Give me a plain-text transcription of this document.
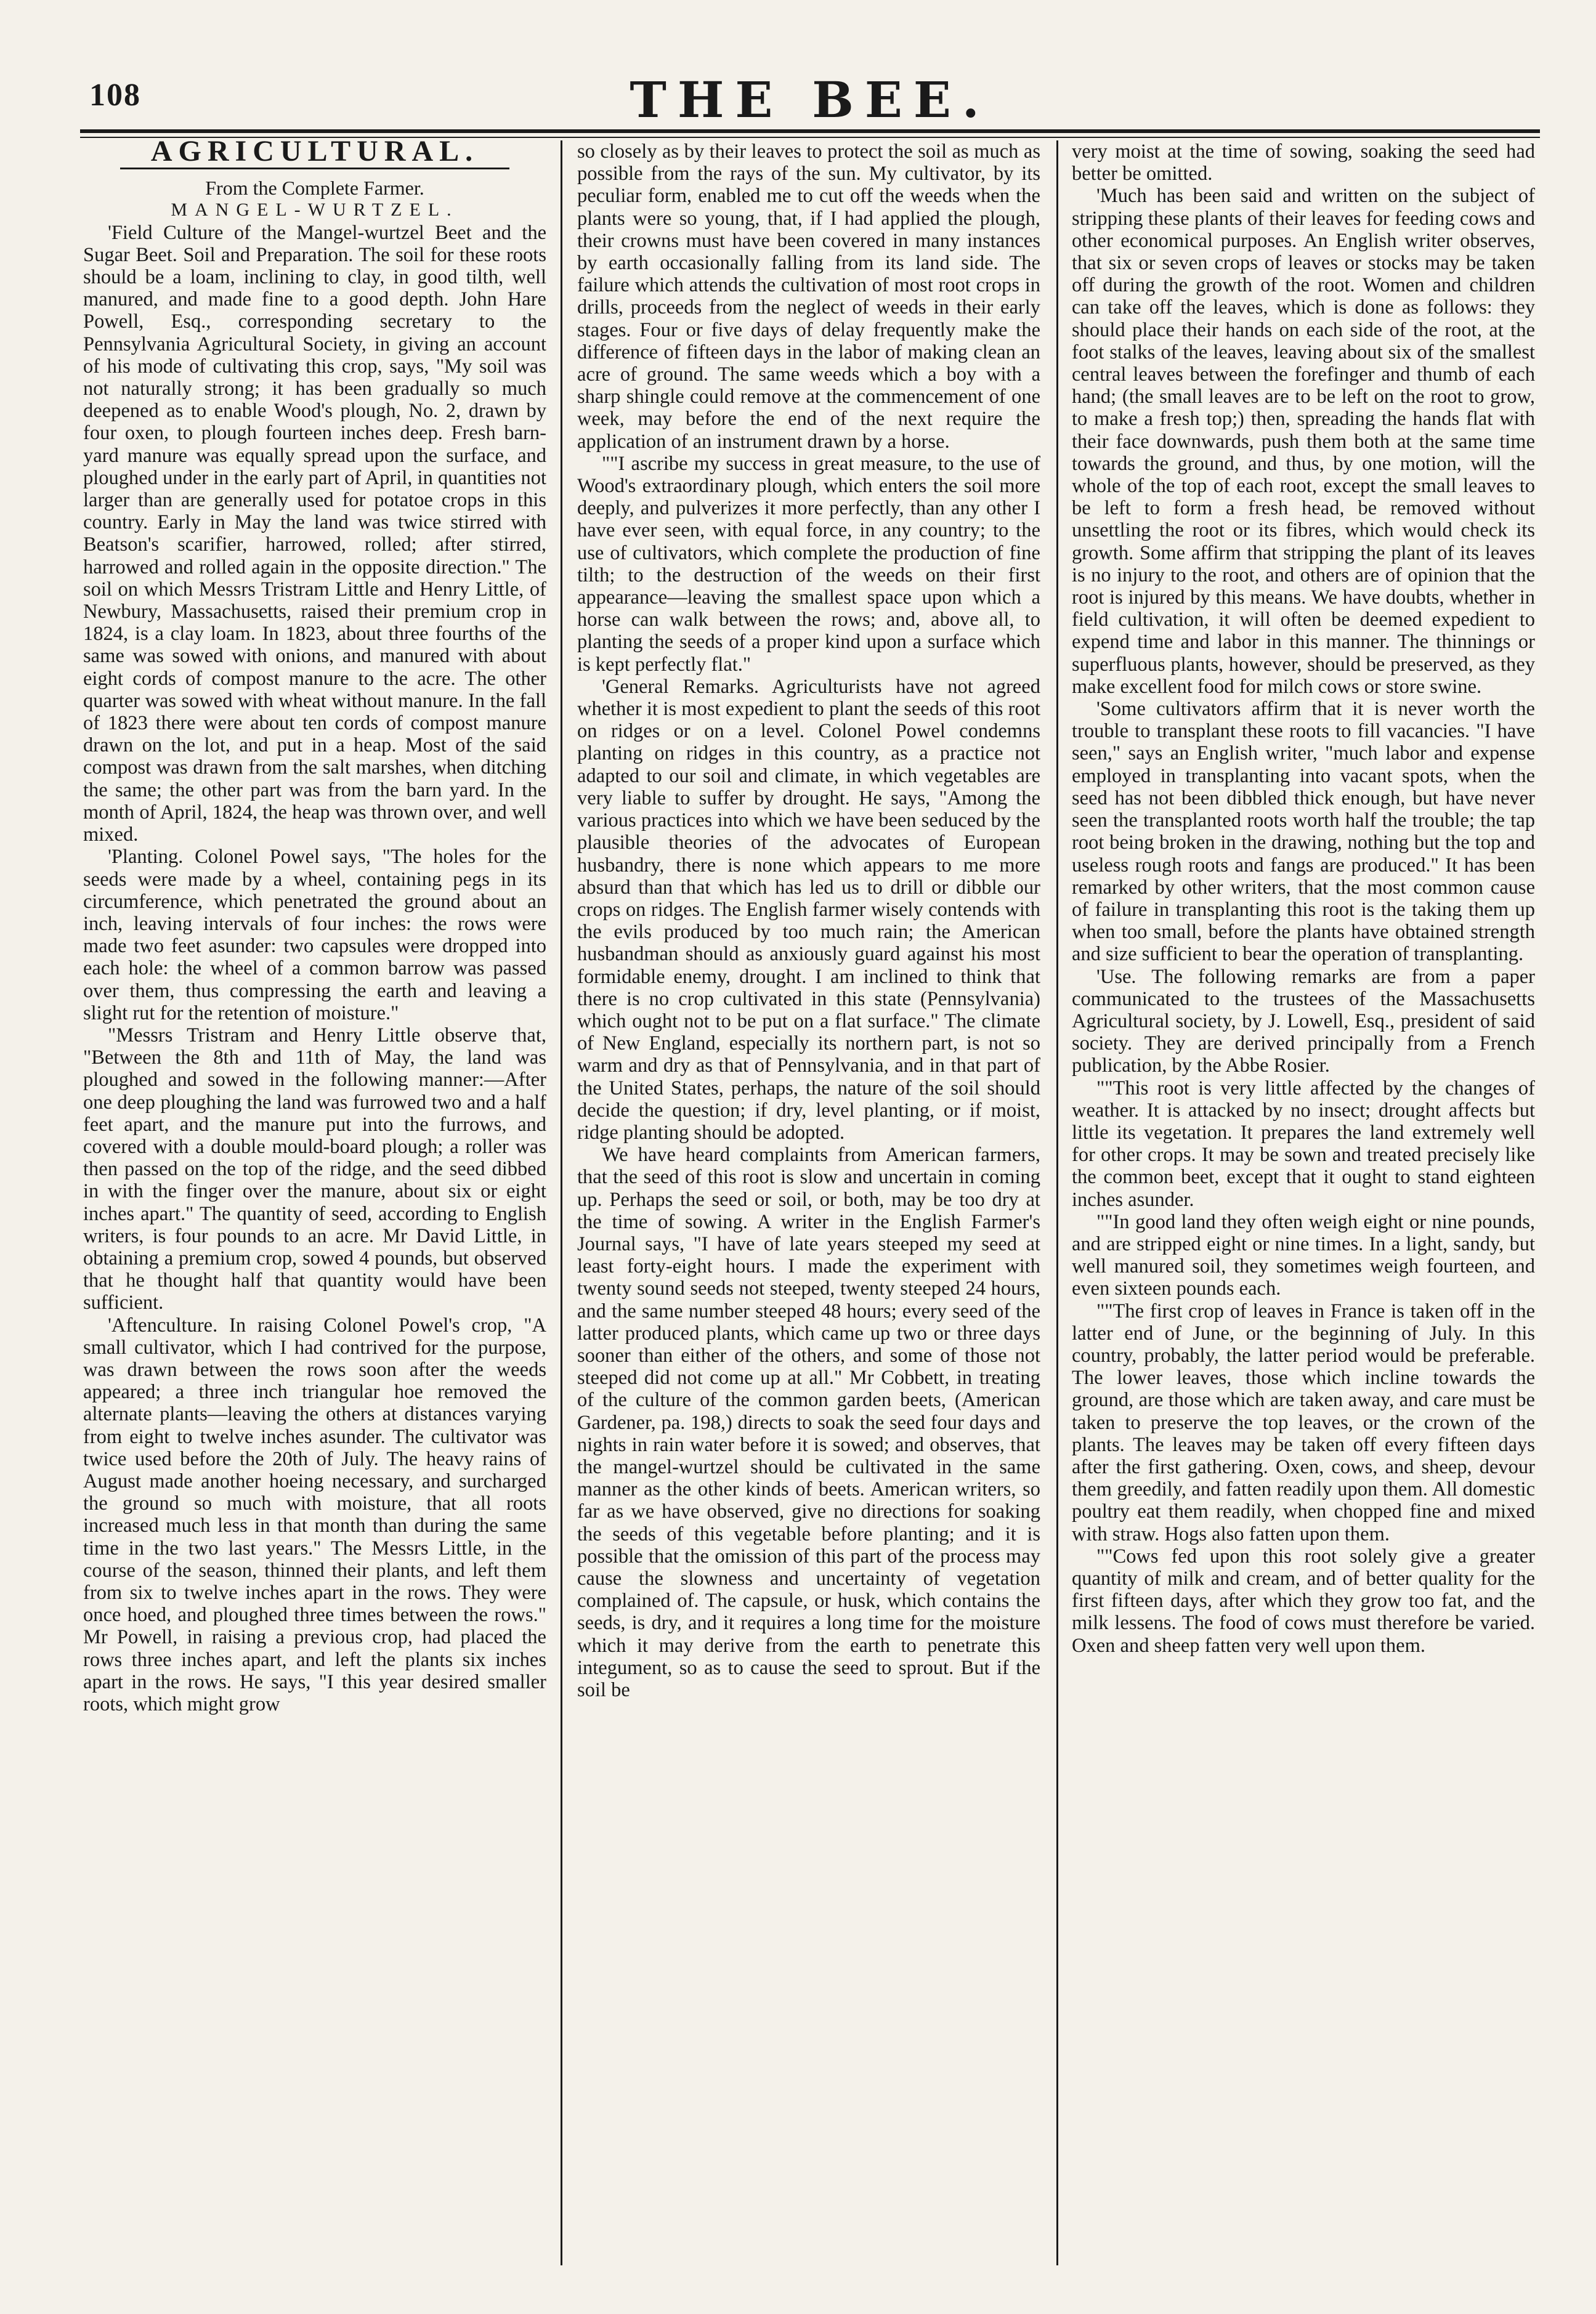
108	THE BEE.

AGRICULTURAL.

From the Complete Farmer.

MANGEL-WURTZEL.

'Field Culture of the Mangel-wurtzel Beet and the Sugar Beet. Soil and Preparation. The soil for these roots should be a loam, inclining to clay, in good tilth, well manured, and made fine to a good depth. John Hare Powell, Esq., corresponding secretary to the Pennsylvania Agricultural Society, in giving an account of his mode of cultivating this crop, says, "My soil was not naturally strong; it has been gradually so much deepened as to enable Wood's plough, No. 2, drawn by four oxen, to plough fourteen inches deep. Fresh barn-yard manure was equally spread upon the surface, and ploughed under in the early part of April, in quantities not larger than are generally used for potatoe crops in this country. Early in May the land was twice stirred with Beatson's scarifier, harrowed, rolled; after stirred, harrowed and rolled again in the opposite direction." The soil on which Messrs Tristram Little and Henry Little, of Newbury, Massachusetts, raised their premium crop in 1824, is a clay loam. In 1823, about three fourths of the same was sowed with onions, and manured with about eight cords of compost manure to the acre. The other quarter was sowed with wheat without manure. In the fall of 1823 there were about ten cords of compost manure drawn on the lot, and put in a heap. Most of the said compost was drawn from the salt marshes, when ditching the same; the other part was from the barn yard. In the month of April, 1824, the heap was thrown over, and well mixed.

'Planting. Colonel Powel says, "The holes for the seeds were made by a wheel, containing pegs in its circumference, which penetrated the ground about an inch, leaving intervals of four inches: the rows were made two feet asunder: two capsules were dropped into each hole: the wheel of a common barrow was passed over them, thus compressing the earth and leaving a slight rut for the retention of moisture."

"Messrs Tristram and Henry Little observe that, "Between the 8th and 11th of May, the land was ploughed and sowed in the following manner:—After one deep ploughing the land was furrowed two and a half feet apart, and the manure put into the furrows, and covered with a double mould-board plough; a roller was then passed on the top of the ridge, and the seed dibbed in with the finger over the manure, about six or eight inches apart." The quantity of seed, according to English writers, is four pounds to an acre. Mr David Little, in obtaining a premium crop, sowed 4 pounds, but observed that he thought half that quantity would have been sufficient.

'Aftenculture. In raising Colonel Powel's crop, "A small cultivator, which I had contrived for the purpose, was drawn between the rows soon after the weeds appeared; a three inch triangular hoe removed the alternate plants—leaving the others at distances varying from eight to twelve inches asunder. The cultivator was twice used before the 20th of July. The heavy rains of August made another hoeing necessary, and surcharged the ground so much with moisture, that all roots increased much less in that month than during the same time in the two last years." The Messrs Little, in the course of the season, thinned their plants, and left them from six to twelve inches apart in the rows. They were once hoed, and ploughed three times between the rows." Mr Powell, in raising a previous crop, had placed the rows three inches apart, and left the plants six inches apart in the rows. He says, "I this year desired smaller roots, which might grow

so closely as by their leaves to protect the soil as much as possible from the rays of the sun. My cultivator, by its peculiar form, enabled me to cut off the weeds when the plants were so young, that, if I had applied the plough, their crowns must have been covered in many instances by earth occasionally falling from its land side. The failure which attends the cultivation of most root crops in drills, proceeds from the neglect of weeds in their early stages. Four or five days of delay frequently make the difference of fifteen days in the labor of making clean an acre of ground. The same weeds which a boy with a sharp shingle could remove at the commencement of one week, may before the end of the next require the application of an instrument drawn by a horse.

""I ascribe my success in great measure, to the use of Wood's extraordinary plough, which enters the soil more deeply, and pulverizes it more perfectly, than any other I have ever seen, with equal force, in any country; to the use of cultivators, which complete the production of fine tilth; to the destruction of the weeds on their first appearance—leaving the smallest space upon which a horse can walk between the rows; and, above all, to planting the seeds of a proper kind upon a surface which is kept perfectly flat."

'General Remarks. Agriculturists have not agreed whether it is most expedient to plant the seeds of this root on ridges or on a level. Colonel Powel condemns planting on ridges in this country, as a practice not adapted to our soil and climate, in which vegetables are very liable to suffer by drought. He says, "Among the various practices into which we have been seduced by the plausible theories of the advocates of European husbandry, there is none which appears to me more absurd than that which has led us to drill or dibble our crops on ridges. The English farmer wisely contends with the evils produced by too much rain; the American husbandman should as anxiously guard against his most formidable enemy, drought. I am inclined to think that there is no crop cultivated in this state (Pennsylvania) which ought not to be put on a flat surface." The climate of New England, especially its northern part, is not so warm and dry as that of Pennsylvania, and in that part of the United States, perhaps, the nature of the soil should decide the question; if dry, level planting, or if moist, ridge planting should be adopted.

We have heard complaints from American farmers, that the seed of this root is slow and uncertain in coming up. Perhaps the seed or soil, or both, may be too dry at the time of sowing. A writer in the English Farmer's Journal says, "I have of late years steeped my seed at least forty-eight hours. I made the experiment with twenty sound seeds not steeped, twenty steeped 24 hours, and the same number steeped 48 hours; every seed of the latter produced plants, which came up two or three days sooner than either of the others, and some of those not steeped did not come up at all." Mr Cobbett, in treating of the culture of the common garden beets, (American Gardener, pa. 198,) directs to soak the seed four days and nights in rain water before it is sowed; and observes, that the mangel-wurtzel should be cultivated in the same manner as the other kinds of beets. American writers, so far as we have observed, give no directions for soaking the seeds of this vegetable before planting; and it is possible that the omission of this part of the process may cause the slowness and uncertainty of vegetation complained of. The capsule, or husk, which contains the seeds, is dry, and it requires a long time for the moisture which it may derive from the earth to penetrate this integument, so as to cause the seed to sprout. But if the soil be

very moist at the time of sowing, soaking the seed had better be omitted.

'Much has been said and written on the subject of stripping these plants of their leaves for feeding cows and other economical purposes. An English writer observes, that six or seven crops of leaves or stocks may be taken off during the growth of the root. Women and children can take off the leaves, which is done as follows: they should place their hands on each side of the root, at the foot stalks of the leaves, leaving about six of the smallest central leaves between the forefinger and thumb of each hand; (the small leaves are to be left on the root to grow, to make a fresh top;) then, spreading the hands flat with their face downwards, push them both at the same time towards the ground, and thus, by one motion, will the whole of the top of each root, except the small leaves to be left to form a fresh head, be removed without unsettling the root or its fibres, which would check its growth. Some affirm that stripping the plant of its leaves is no injury to the root, and others are of opinion that the root is injured by this means. We have doubts, whether in field cultivation, it will often be deemed expedient to expend time and labor in this manner. The thinnings or superfluous plants, however, should be preserved, as they make excellent food for milch cows or store swine.

'Some cultivators affirm that it is never worth the trouble to transplant these roots to fill vacancies. "I have seen," says an English writer, "much labor and expense employed in transplanting into vacant spots, when the seed has not been dibbled thick enough, but have never seen the transplanted roots worth half the trouble; the tap root being broken in the drawing, nothing but the top and useless rough roots and fangs are produced." It has been remarked by other writers, that the most common cause of failure in transplanting this root is the taking them up when too small, before the plants have obtained strength and size sufficient to bear the operation of transplanting.

'Use. The following remarks are from a paper communicated to the trustees of the Massachusetts Agricultural society, by J. Lowell, Esq., president of said society. They are derived principally from a French publication, by the Abbe Rosier.

""This root is very little affected by the changes of weather. It is attacked by no insect; drought affects but little its vegetation. It prepares the land extremely well for other crops. It may be sown and treated precisely like the common beet, except that it ought to stand eighteen inches asunder.

""In good land they often weigh eight or nine pounds, and are stripped eight or nine times. In a light, sandy, but well manured soil, they sometimes weigh fourteen, and even sixteen pounds each.

""The first crop of leaves in France is taken off in the latter end of June, or the beginning of July. In this country, probably, the latter period would be preferable. The lower leaves, those which incline towards the ground, are those which are taken away, and care must be taken to preserve the top leaves, or the crown of the plants. The leaves may be taken off every fifteen days after the first gathering. Oxen, cows, and sheep, devour them greedily, and fatten readily upon them. All domestic poultry eat them readily, when chopped fine and mixed with straw. Hogs also fatten upon them.

""Cows fed upon this root solely give a greater quantity of milk and cream, and of better quality for the first fifteen days, after which they grow too fat, and the milk lessens. The food of cows must therefore be varied. Oxen and sheep fatten very well upon them.
